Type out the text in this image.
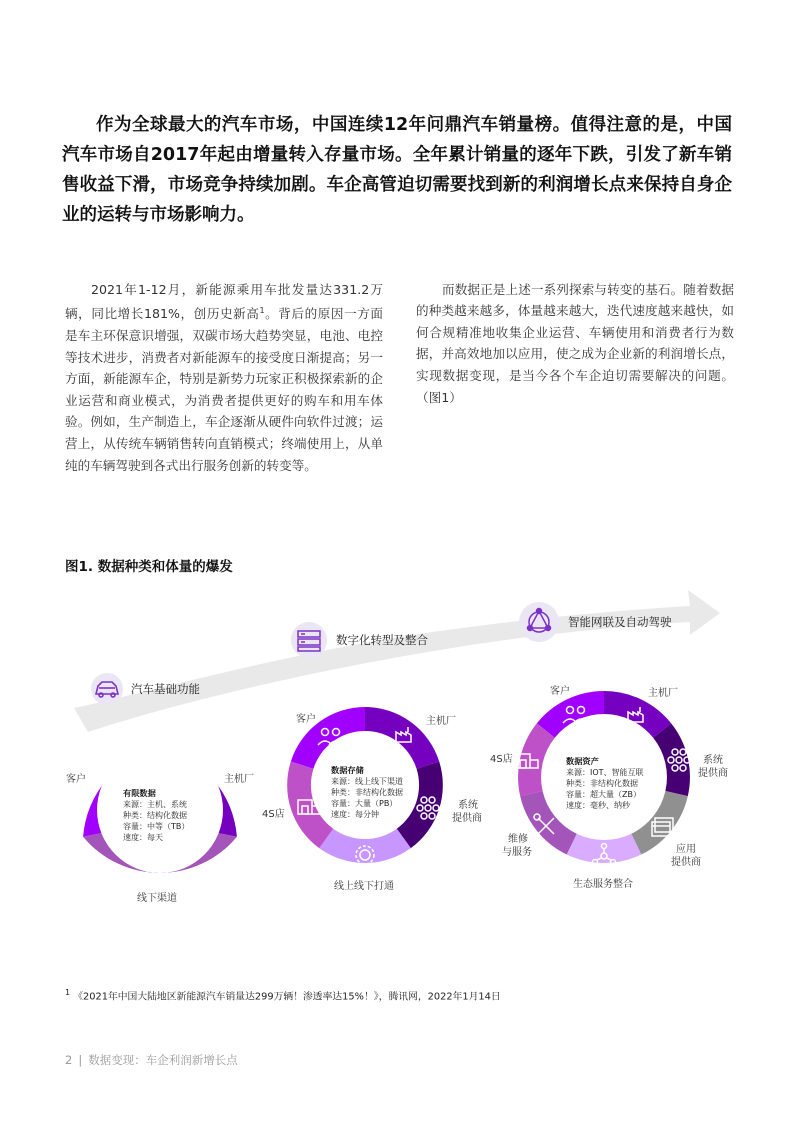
作为全球最大的汽车市场，中国连续12年问鼎汽车销量榜。值得注意的是，中国汽车市场自2017年起由增量转入存量市场。全年累计销量的逐年下跌，引发了新车销售收益下滑，市场竞争持续加剧。车企高管迫切需要找到新的利润增长点来保持自身企业的运转与市场影响力。

2021年1-12月，新能源乘用车批发量达331.2万辆，同比增长181%，创历史新高$^1$。背后的原因一方面是车主环保意识增强，双碳市场大趋势突显，电池、电控等技术进步，消费者对新能源车的接受度日渐提高；另一方面，新能源车企，特别是新势力玩家正积极探索新的企业运营和商业模式，为消费者提供更好的购车和用车体验。例如，生产制造上，车企逐渐从硬件向软件过渡；运营上，从传统车辆销售转向直销模式；终端使用上，从单纯的车辆驾驶到各式出行服务创新的转变等。

而数据正是上述一系列探索与转变的基石。随着数据的种类越来越多，体量越来越大，迭代速度越来越快，如何合规精准地收集企业运营、车辆使用和消费者行为数据，并高效地加以应用，使之成为企业新的利润增长点，实现数据变现，是当今各个车企迫切需要解决的问题。（图1）

图1. 数据种类和体量的爆发
汽车基础功能
数字化转型及整合
智能网联及自动驾驶
客户	主机厂
线下渠道
有限数据
来源：主机、系统
种类：结构化数据
容量：中等（TB）
速度：每天
客户	主机厂
系统
提供商
线上线下打通
4S店
数据存储
来源：线上线下渠道
种类：非结构化数据
容量：大量（PB）
速度：每分钟
客户	主机厂
系统
提供商
应用
提供商
生态服务整合
维修
与服务
4S店	数据资产
来源：IOT、智能互联
种类：非结构化数据
容量：超大量（ZB）
速度：毫秒、纳秒
$^1$ 《2021年中国大陆地区新能源汽车销量达299万辆！渗透率达15%！》，腾讯网，2022年1月14日
2 | 数据变现：车企利润新增长点
